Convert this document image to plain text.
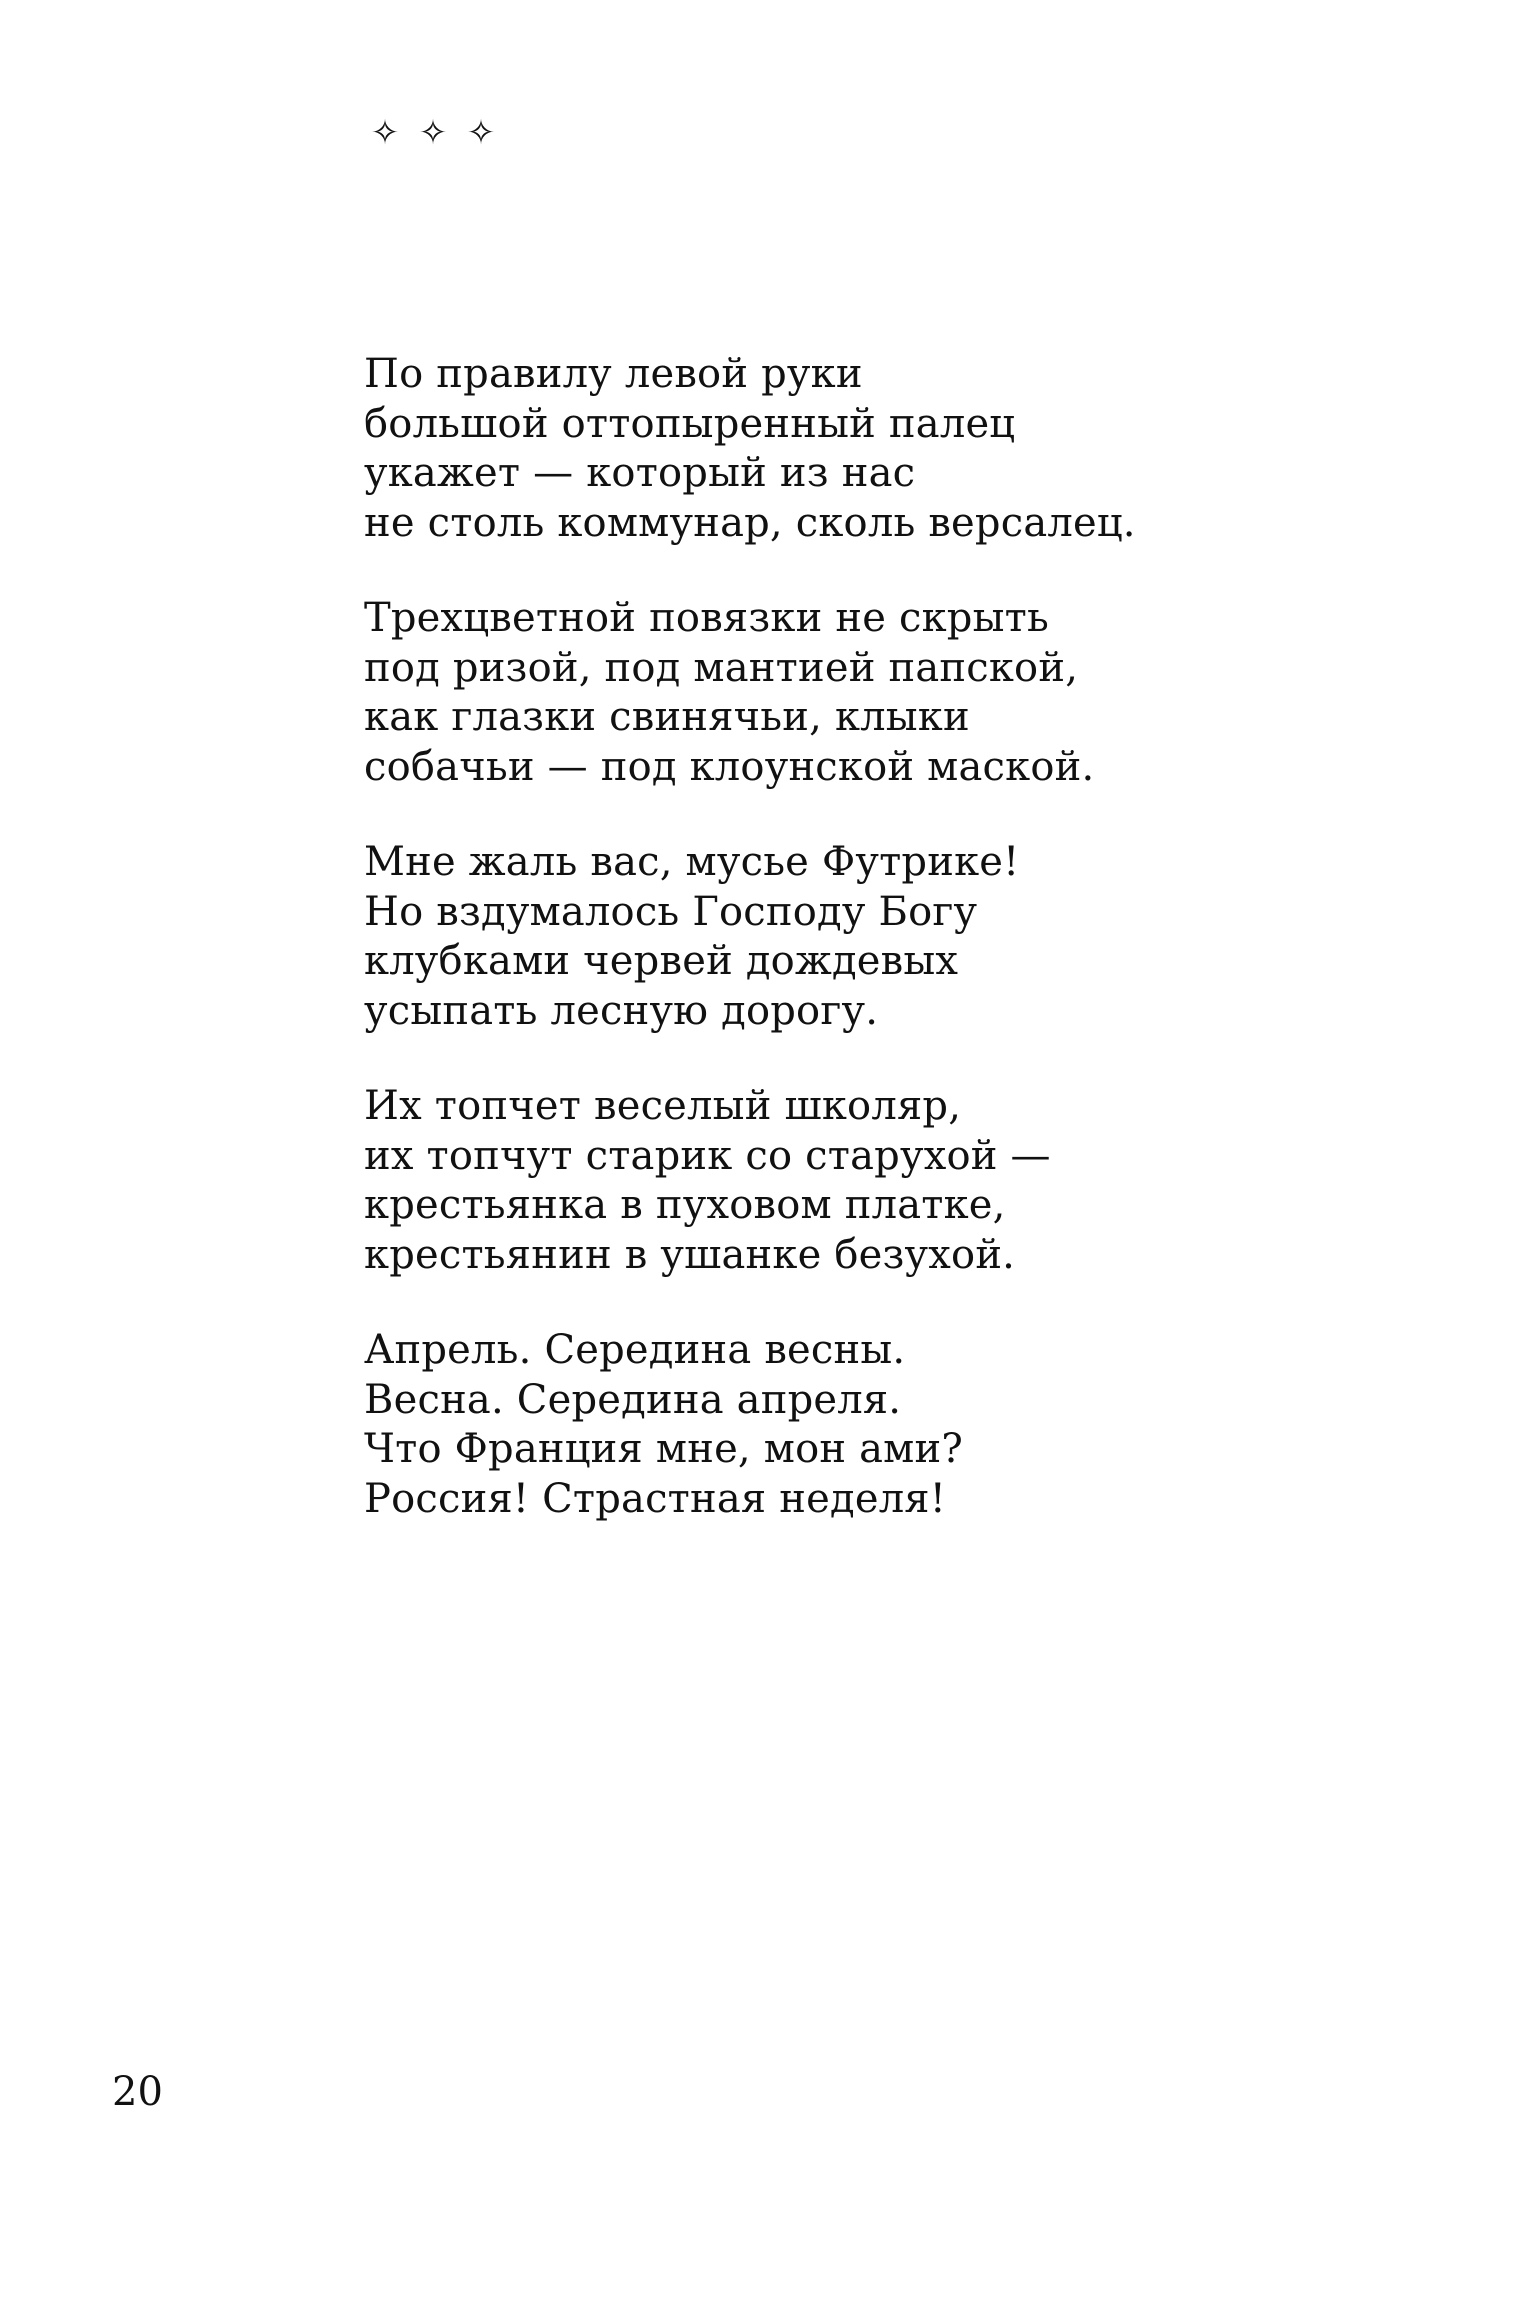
✧ ✧ ✧
По правилу левой руки
большой оттопыренный палец
укажет — который из нас
не столь коммунар, сколь версалец.
Трехцветной повязки не скрыть
под ризой, под мантией папской,
как глазки свинячьи, клыки
собачьи — под клоунской маской.
Мне жаль вас, мусье Футрике!
Но вздумалось Господу Богу
клубками червей дождевых
усыпать лесную дорогу.
Их топчет веселый школяр,
их топчут старик со старухой —
крестьянка в пуховом платке,
крестьянин в ушанке безухой.
Апрель. Середина весны.
Весна. Середина апреля.
Что Франция мне, мон ами?
Россия! Страстная неделя!
20
